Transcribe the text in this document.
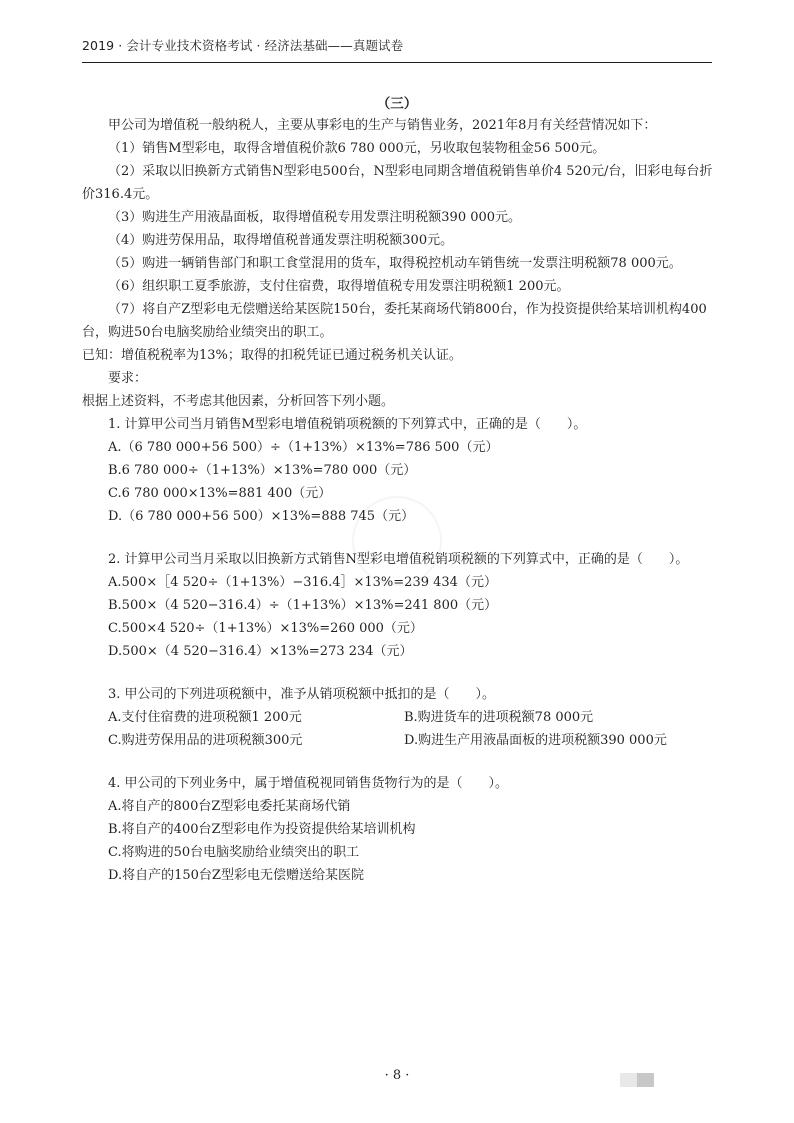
2019 · 会计专业技术资格考试 · 经济法基础——真题试卷
（三）

甲公司为增值税一般纳税人，主要从事彩电的生产与销售业务，2021年8月有关经营情况如下：

（1）销售M型彩电，取得含增值税价款6 780 000元，另收取包装物租金56 500元。

（2）采取以旧换新方式销售N型彩电500台，N型彩电同期含增值税销售单价4 520元/台，旧彩电每台折价316.4元。

（3）购进生产用液晶面板，取得增值税专用发票注明税额390 000元。

（4）购进劳保用品，取得增值税普通发票注明税额300元。

（5）购进一辆销售部门和职工食堂混用的货车，取得税控机动车销售统一发票注明税额78 000元。

（6）组织职工夏季旅游，支付住宿费，取得增值税专用发票注明税额1 200元。

（7）将自产Z型彩电无偿赠送给某医院150台，委托某商场代销800台，作为投资提供给某培训机构400台，购进50台电脑奖励给业绩突出的职工。

已知：增值税税率为13%；取得的扣税凭证已通过税务机关认证。

要求：

根据上述资料，不考虑其他因素，分析回答下列小题。

1. 计算甲公司当月销售M型彩电增值税销项税额的下列算式中，正确的是（　　）。

A.（6 780 000+56 500）÷（1+13%）×13%=786 500（元）

B.6 780 000÷（1+13%）×13%=780 000（元）

C.6 780 000×13%=881 400（元）

D.（6 780 000+56 500）×13%=888 745（元）

2. 计算甲公司当月采取以旧换新方式销售N型彩电增值税销项税额的下列算式中，正确的是（　　）。

A.500×［4 520÷（1+13%）−316.4］×13%=239 434（元）

B.500×（4 520−316.4）÷（1+13%）×13%=241 800（元）

C.500×4 520÷（1+13%）×13%=260 000（元）

D.500×（4 520−316.4）×13%=273 234（元）

3. 甲公司的下列进项税额中，准予从销项税额中抵扣的是（　　）。

A.支付住宿费的进项税额1 200元	B.购进货车的进项税额78 000元
C.购进劳保用品的进项税额300元	D.购进生产用液晶面板的进项税额390 000元

4. 甲公司的下列业务中，属于增值税视同销售货物行为的是（　　）。

A.将自产的800台Z型彩电委托某商场代销

B.将自产的400台Z型彩电作为投资提供给某培训机构

C.将购进的50台电脑奖励给业绩突出的职工

D.将自产的150台Z型彩电无偿赠送给某医院

· 8 ·
